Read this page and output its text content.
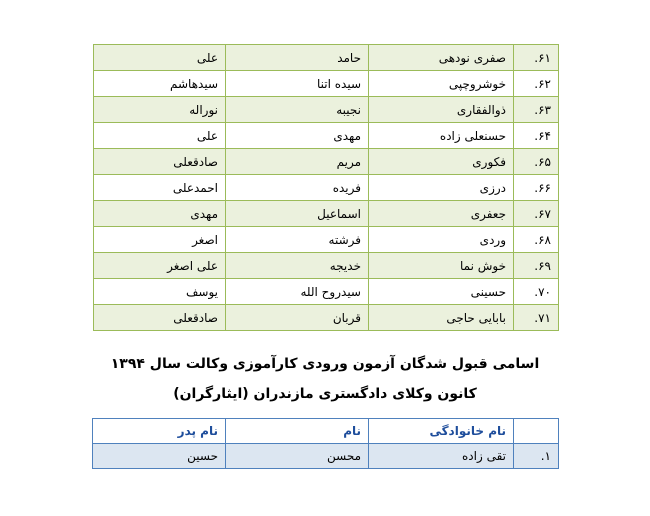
۶۱.	صفری نودهی	حامد	علی
۶۲.	خوشروچپی	سیده اتنا	سیدهاشم
۶۳.	ذوالفقاری	نجیبه	نوراله
۶۴.	حسنعلی زاده	مهدی	علی
۶۵.	فکوری	مریم	صادقعلی
۶۶.	درزی	فریده	احمدعلی
۶۷.	جعفری	اسماعیل	مهدی
۶۸.	وردی	فرشته	اصغر
۶۹.	خوش نما	خدیجه	علی اصغر
۷۰.	حسینی	سیدروح الله	یوسف
۷۱.	بابایی حاجی	قربان	صادقعلی
اسامی قبول شدگان آزمون ورودی کارآموزی وکالت سال ۱۳۹۴
کانون وکلای دادگستری مازندران (ایثارگران)
	نام خانوادگی	نام	نام پدر
۱.	تقی زاده	محسن	حسین
